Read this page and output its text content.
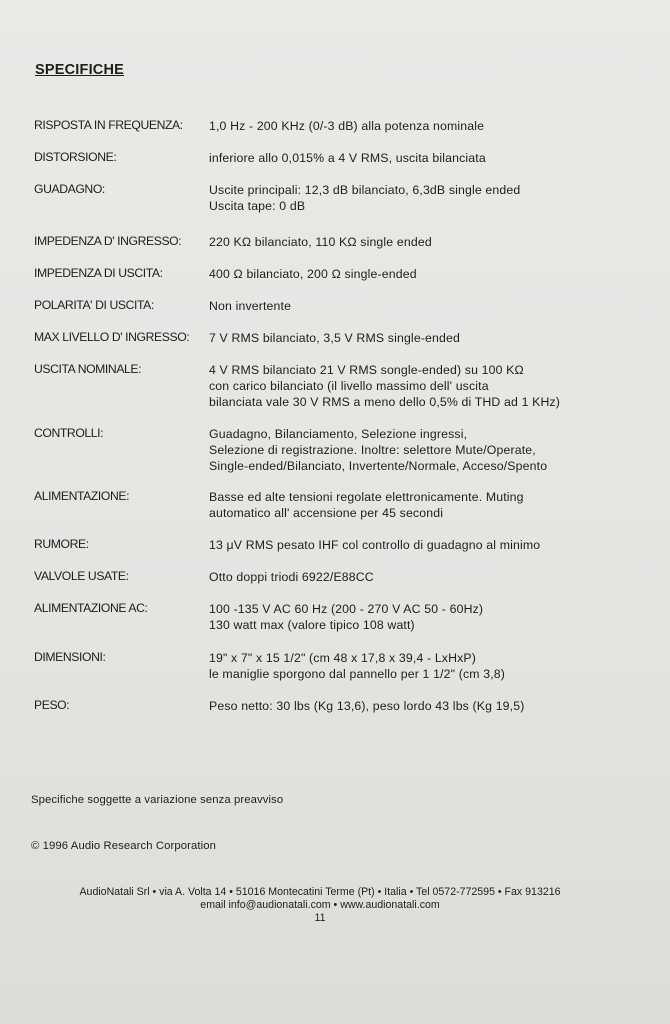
SPECIFICHE
RISPOSTA IN FREQUENZA: 1,0 Hz - 200 KHz (0/-3 dB) alla potenza nominale
DISTORSIONE:	inferiore allo 0,015% a 4 V RMS, uscita bilanciata
GUADAGNO:	Uscite principali: 12,3 dB bilanciato, 6,3dB single ended
Uscita tape: 0 dB
IMPEDENZA D' INGRESSO: 220 KΩ bilanciato, 110 KΩ single ended
IMPEDENZA DI USCITA:	400 Ω bilanciato, 200 Ω single-ended
POLARITA' DI USCITA:	Non invertente
MAX LIVELLO D' INGRESSO: 7 V RMS bilanciato, 3,5 V RMS single-ended
USCITA NOMINALE:	4 V RMS bilanciato 21 V RMS songle-ended) su 100 KΩ
con carico bilanciato (il livello massimo dell' uscita
bilanciata vale 30 V RMS a meno dello 0,5% di THD ad 1 KHz)
CONTROLLI:	Guadagno, Bilanciamento, Selezione ingressi,
Selezione di registrazione. Inoltre: selettore Mute/Operate,
Single-ended/Bilanciato, Invertente/Normale, Acceso/Spento
ALIMENTAZIONE:	Basse ed alte tensioni regolate elettronicamente. Muting
automatico all' accensione per 45 secondi
RUMORE:	13 μV RMS pesato IHF col controllo di guadagno al minimo
VALVOLE USATE:	Otto doppi triodi 6922/E88CC
ALIMENTAZIONE AC:	100 -135 V AC 60 Hz (200 - 270 V AC 50 - 60Hz)
130 watt max (valore tipico 108 watt)
DIMENSIONI:	19" x 7" x 15 1/2" (cm 48 x 17,8 x 39,4 - LxHxP)
le maniglie sporgono dal pannello per 1 1/2" (cm 3,8)
PESO:	Peso netto: 30 lbs (Kg 13,6), peso lordo 43 lbs (Kg 19,5)
Specifiche soggette a variazione senza preavviso
© 1996 Audio Research Corporation
AudioNatali Srl • via A. Volta 14 • 51016 Montecatini Terme (Pt) • Italia • Tel 0572-772595 • Fax 913216
email info@audionatali.com • www.audionatali.com
11
